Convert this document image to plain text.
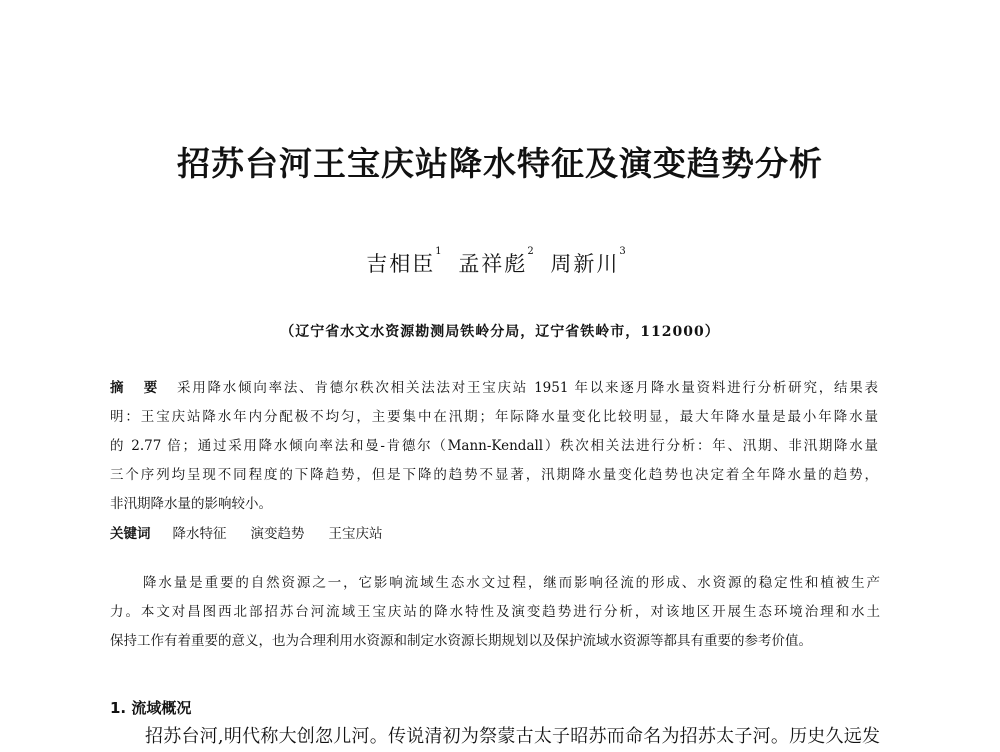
招苏台河王宝庆站降水特征及演变趋势分析
吉相臣$^1$ 孟祥彪$^2$ 周新川$^3$
（辽宁省水文水资源勘测局铁岭分局，辽宁省铁岭市，112000）
摘 要 采用降水倾向率法、肯德尔秩次相关法法对王宝庆站 1951 年以来逐月降水量资料进行分析研究，结果表
明：王宝庆站降水年内分配极不均匀，主要集中在汛期；年际降水量变化比较明显，最大年降水量是最小年降水量
的 2.77 倍；通过采用降水倾向率法和曼-肯德尔（Mann-Kendall）秩次相关法进行分析：年、汛期、非汛期降水量
三个序列均呈现不同程度的下降趋势，但是下降的趋势不显著，汛期降水量变化趋势也决定着全年降水量的趋势，
非汛期降水量的影响较小。
关键词 降水特征 演变趋势 王宝庆站
降水量是重要的自然资源之一，它影响流域生态水文过程，继而影响径流的形成、水资源的稳定性和植被生产
力。本文对昌图西北部招苏台河流域王宝庆站的降水特性及演变趋势进行分析，对该地区开展生态环境治理和水土
保持工作有着重要的意义，也为合理利用水资源和制定水资源长期规划以及保护流域水资源等都具有重要的参考价值。
1. 流域概况
招苏台河,明代称大创忽儿河。传说清初为祭蒙古太子昭苏而命名为招苏太子河。历史久远发
